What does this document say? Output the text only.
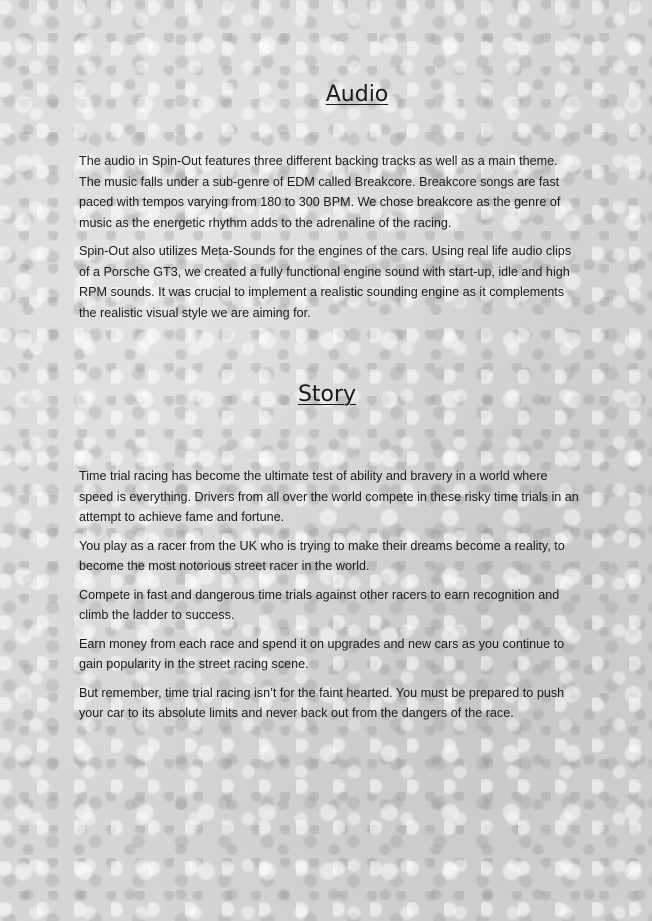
Audio

The audio in Spin-Out features three different backing tracks as well as a main theme. The music falls under a sub-genre of EDM called Breakcore. Breakcore songs are fast paced with tempos varying from 180 to 300 BPM. We chose breakcore as the genre of music as the energetic rhythm adds to the adrenaline of the racing.

Spin-Out also utilizes Meta-Sounds for the engines of the cars. Using real life audio clips of a Porsche GT3, we created a fully functional engine sound with start-up, idle and high RPM sounds. It was crucial to implement a realistic sounding engine as it complements the realistic visual style we are aiming for.

Story

Time trial racing has become the ultimate test of ability and bravery in a world where speed is everything. Drivers from all over the world compete in these risky time trials in an attempt to achieve fame and fortune.

You play as a racer from the UK who is trying to make their dreams become a reality, to become the most notorious street racer in the world.

Compete in fast and dangerous time trials against other racers to earn recognition and climb the ladder to success.

Earn money from each race and spend it on upgrades and new cars as you continue to gain popularity in the street racing scene.

But remember, time trial racing isn’t for the faint hearted. You must be prepared to push your car to its absolute limits and never back out from the dangers of the race.
